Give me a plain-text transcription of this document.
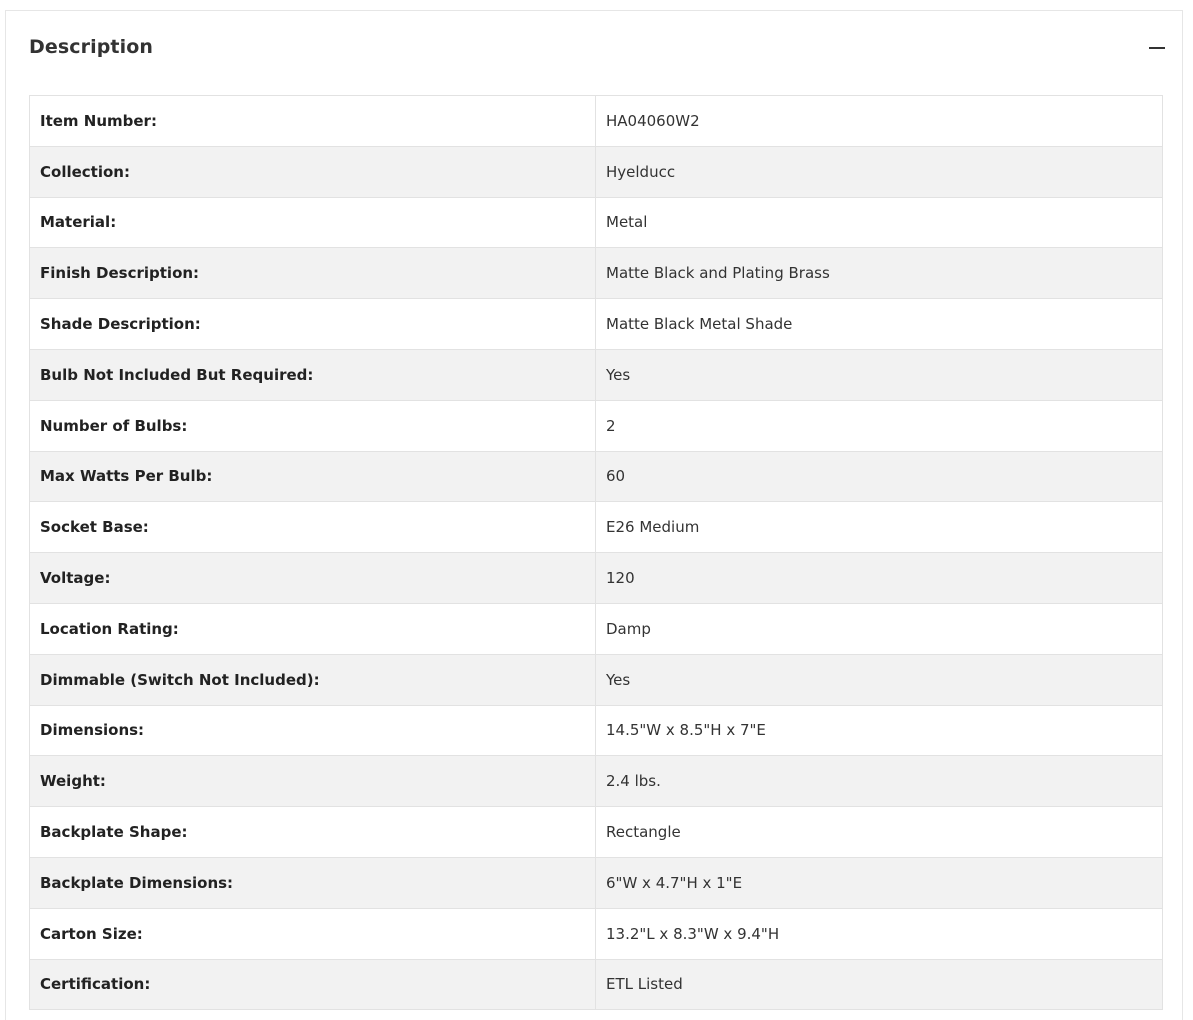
Description
Item Number:	HA04060W2
Collection:	Hyelducc
Material:	Metal
Finish Description:	Matte Black and Plating Brass
Shade Description:	Matte Black Metal Shade
Bulb Not Included But Required:	Yes
Number of Bulbs:	2
Max Watts Per Bulb:	60
Socket Base:	E26 Medium
Voltage:	120
Location Rating:	Damp
Dimmable (Switch Not Included):	Yes
Dimensions:	14.5"W x 8.5"H x 7"E
Weight:	2.4 lbs.
Backplate Shape:	Rectangle
Backplate Dimensions:	6"W x 4.7"H x 1"E
Carton Size:	13.2"L x 8.3"W x 9.4"H
Certification:	ETL Listed
